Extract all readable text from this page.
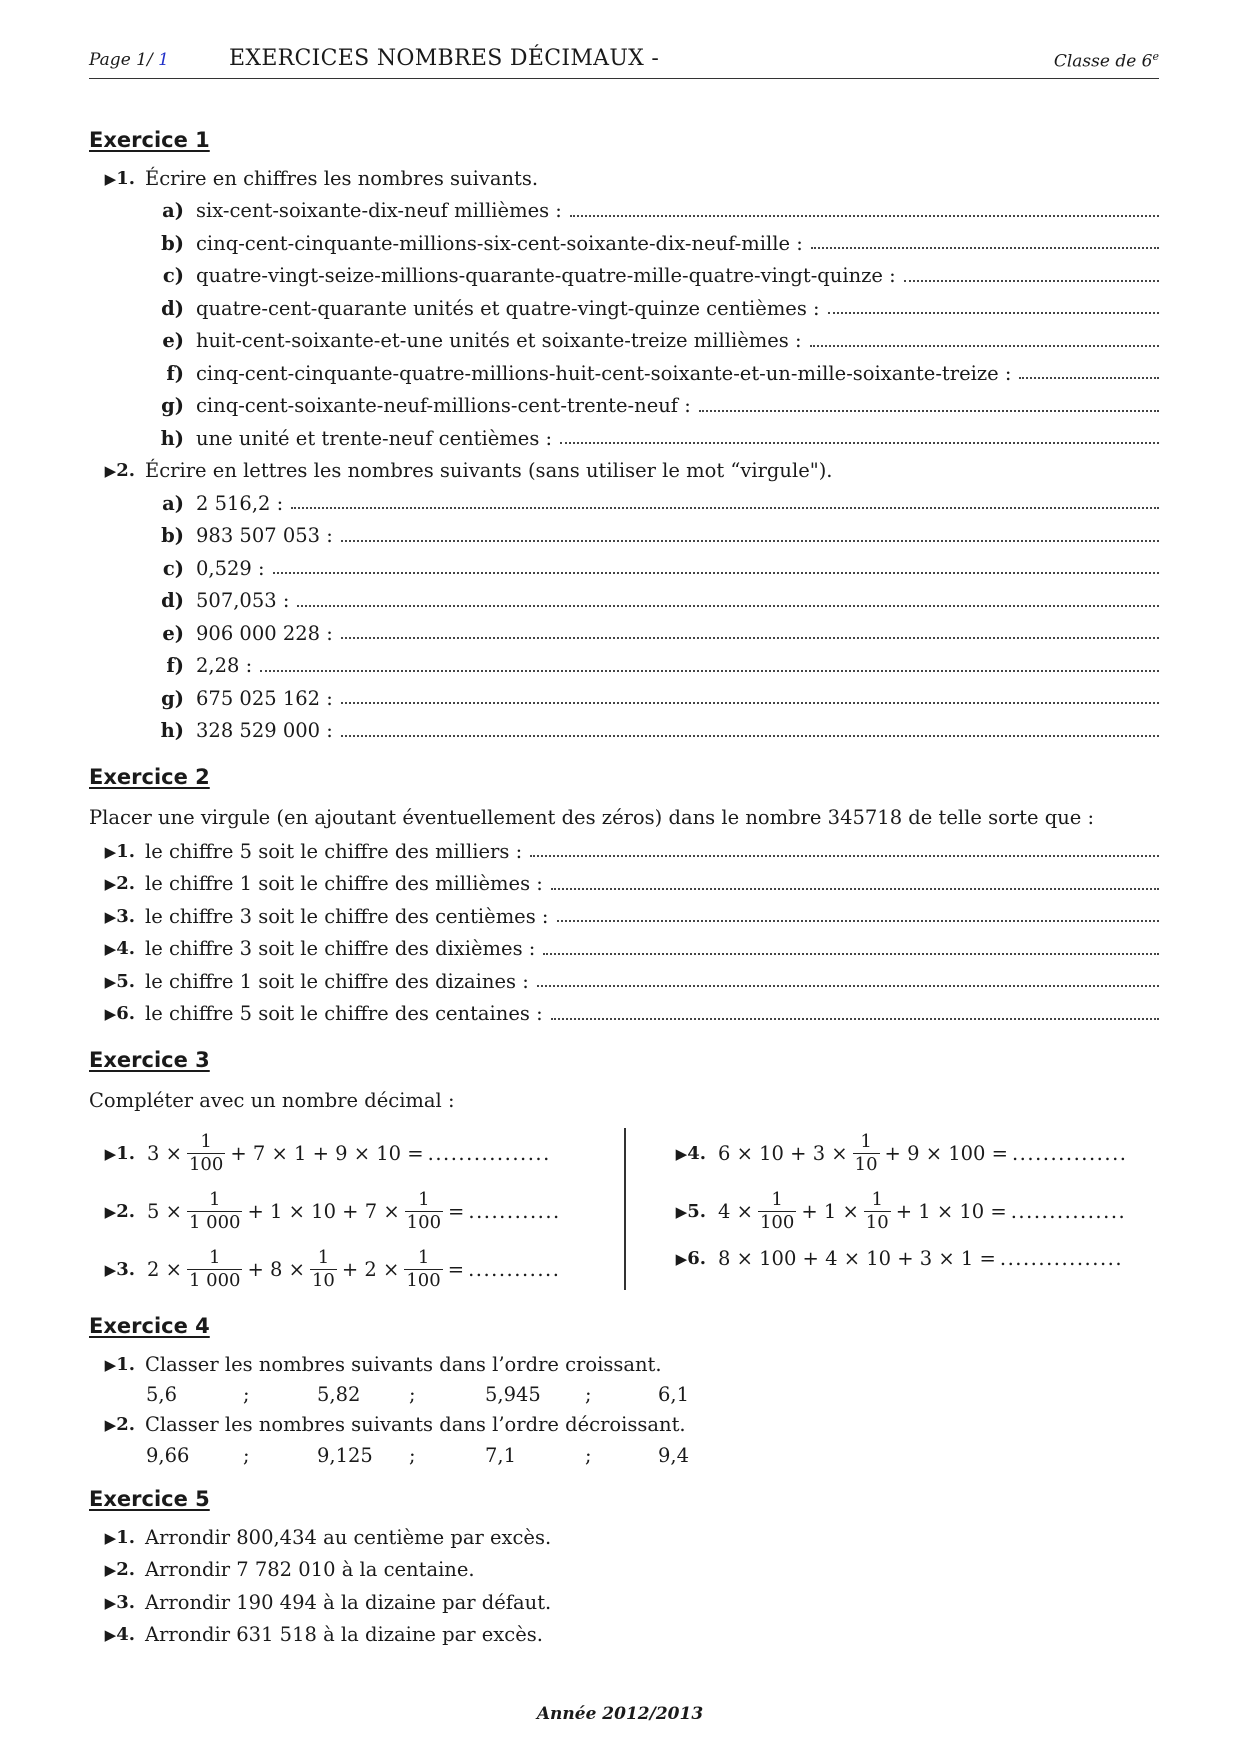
Page 1/ 1	EXERCICES NOMBRES DÉCIMAUX -	Classe de 6e
Exercice 1
▶1. Écrire en chiffres les nombres suivants.
a) six-cent-soixante-dix-neuf millièmes :
b) cinq-cent-cinquante-millions-six-cent-soixante-dix-neuf-mille :
c) quatre-vingt-seize-millions-quarante-quatre-mille-quatre-vingt-quinze :
d) quatre-cent-quarante unités et quatre-vingt-quinze centièmes :
e) huit-cent-soixante-et-une unités et soixante-treize millièmes :
f) cinq-cent-cinquante-quatre-millions-huit-cent-soixante-et-un-mille-soixante-treize :
g) cinq-cent-soixante-neuf-millions-cent-trente-neuf :
h) une unité et trente-neuf centièmes :
▶2. Écrire en lettres les nombres suivants (sans utiliser le mot “virgule").
a) 2 516,2 :
b) 983 507 053 :
c) 0,529 :
d) 507,053 :
e) 906 000 228 :
f) 2,28 :
g) 675 025 162 :
h) 328 529 000 :
Exercice 2
Placer une virgule (en ajoutant éventuellement des zéros) dans le nombre 345718 de telle sorte que :
▶1. le chiffre 5 soit le chiffre des milliers :
▶2. le chiffre 1 soit le chiffre des millièmes :
▶3. le chiffre 3 soit le chiffre des centièmes :
▶4. le chiffre 3 soit le chiffre des dixièmes :
▶5. le chiffre 1 soit le chiffre des dizaines :
▶6. le chiffre 5 soit le chiffre des centaines :
Exercice 3
Compléter avec un nombre décimal :
▶1. $3 \times \frac{1}{100} + 7 \times 1 + 9 \times 10$ = ................
▶2. $5 \times \frac{1}{1 000} + 1 \times 10 + 7 \times \frac{1}{100}$ = ............
▶3. $2 \times \frac{1}{1 000} + 8 \times \frac{1}{10} + 2 \times \frac{1}{100}$ = ............
▶4. $6 \times 10 + 3 \times \frac{1}{10} + 9 \times 100$ = ...............
▶5. $4 \times \frac{1}{100} + 1 \times \frac{1}{10} + 1 \times 10$ = ...............
▶6. 8 × 100 + 4 × 10 + 3 × 1 = ................
Exercice 4
▶1. Classer les nombres suivants dans l’ordre croissant.
5,6	;	5,82	;	5,945	;	6,1
▶2. Classer les nombres suivants dans l’ordre décroissant.
9,66	;	9,125	;	7,1	;	9,4
Exercice 5
▶1. Arrondir 800,434 au centième par excès.
▶2. Arrondir 7 782 010 à la centaine.
▶3. Arrondir 190 494 à la dizaine par défaut.
▶4. Arrondir 631 518 à la dizaine par excès.
Année 2012/2013
